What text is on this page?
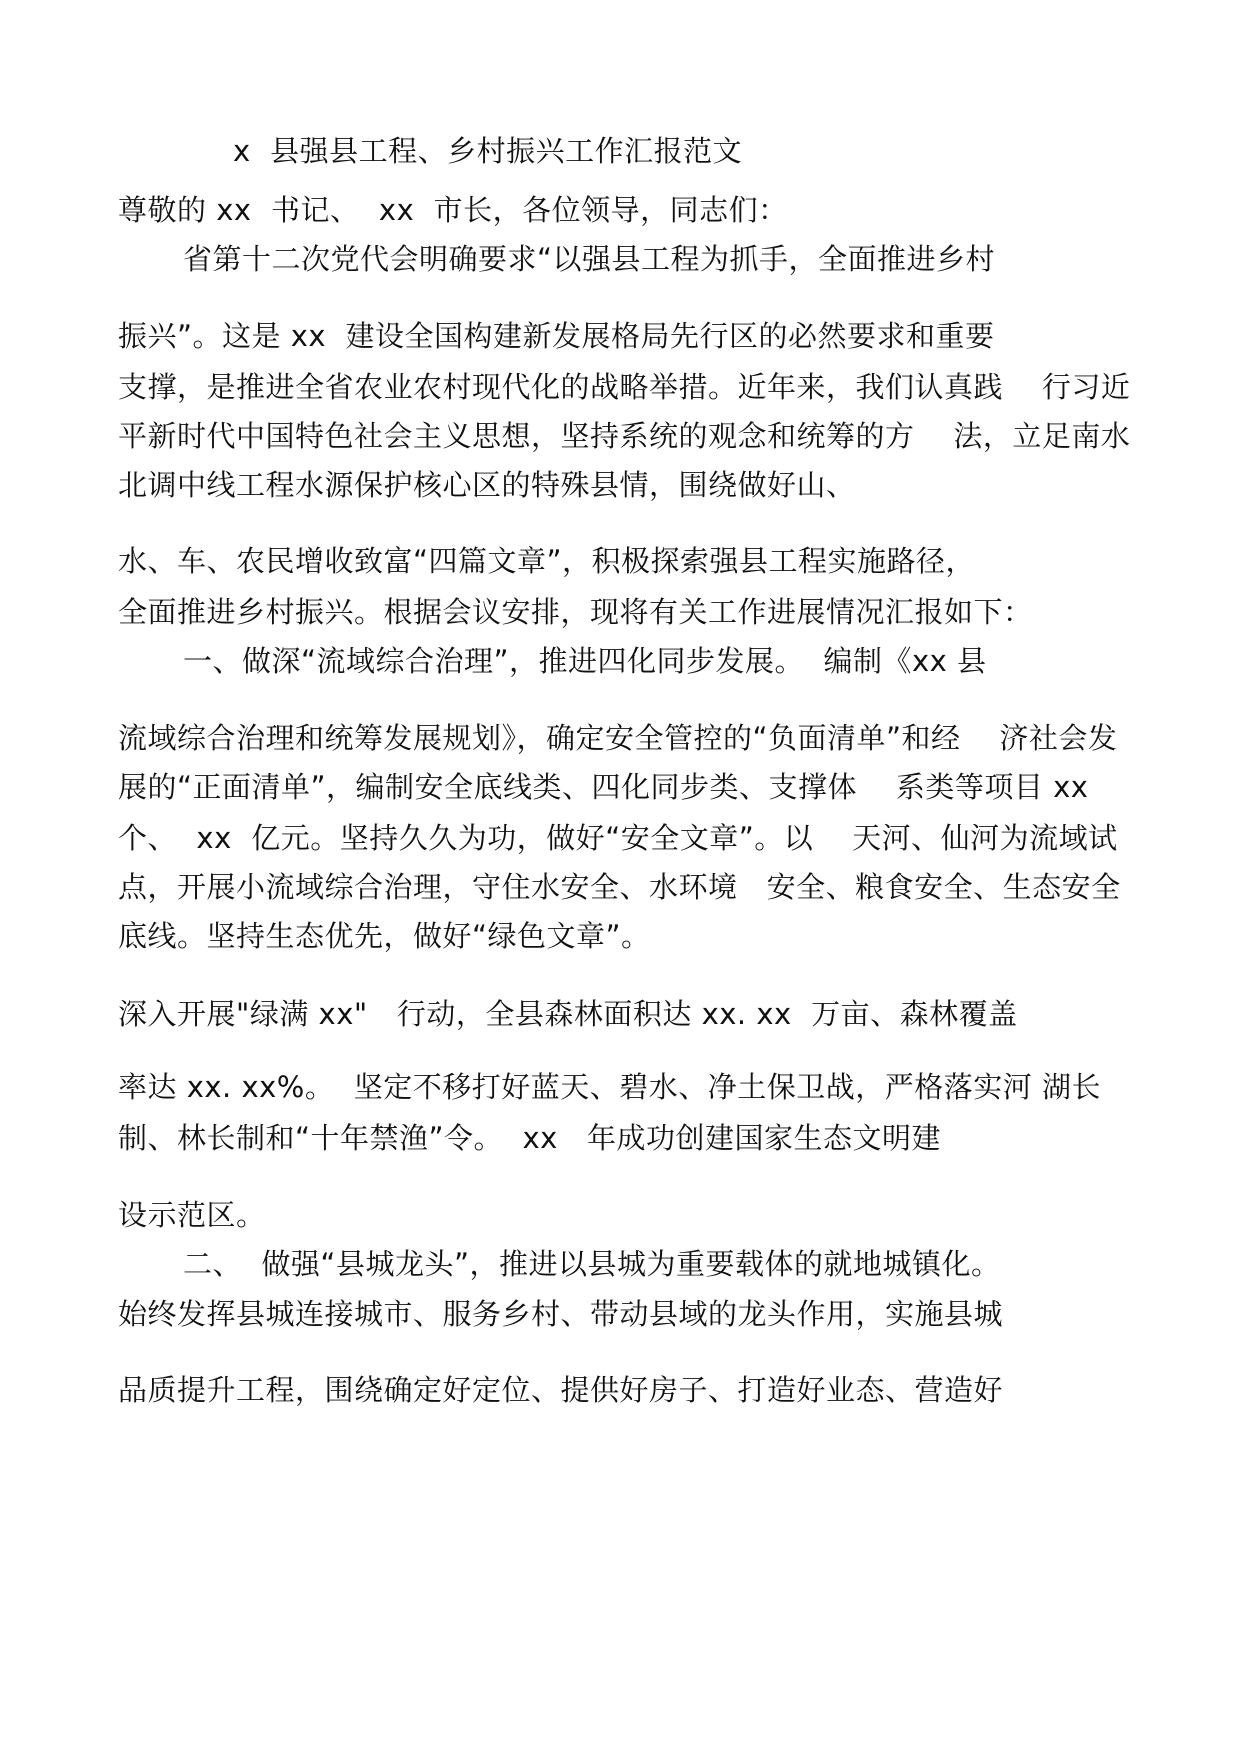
x  县强县工程、乡村振兴工作汇报范文
尊敬的 xx  书记、  xx  市长，各位领导，同志们：
省第十二次党代会明确要求“以强县工程为抓手，全面推进乡村
振兴”。这是 xx  建设全国构建新发展格局先行区的必然要求和重要
支撑，是推进全省农业农村现代化的战略举措。近年来，我们认真践    行习近
平新时代中国特色社会主义思想，坚持系统的观念和统筹的方    法，立足南水
北调中线工程水源保护核心区的特殊县情，围绕做好山、
水、车、农民增收致富“四篇文章”，积极探索强县工程实施路径，
全面推进乡村振兴。根据会议安排，现将有关工作进展情况汇报如下：
一、做深“流域综合治理”，推进四化同步发展。  编制《xx 县
流域综合治理和统筹发展规划》，确定安全管控的“负面清单”和经    济社会发
展的“正面清单”，编制安全底线类、四化同步类、支撑体    系类等项目 xx
个、  xx  亿元。坚持久久为功，做好“安全文章”。以    天河、仙河为流域试
点，开展小流域综合治理，守住水安全、水环境   安全、粮食安全、生态安全
底线。坚持生态优先，做好“绿色文章”。
深入开展"绿满 xx"   行动，全县森林面积达 xx. xx  万亩、森林覆盖
率达 xx. xx%。  坚定不移打好蓝天、碧水、净土保卫战，严格落实河 湖长
制、林长制和“十年禁渔”令。  xx   年成功创建国家生态文明建
设示范区。
二、  做强“县城龙头”，推进以县城为重要载体的就地城镇化。
始终发挥县城连接城市、服务乡村、带动县域的龙头作用，实施县城
品质提升工程，围绕确定好定位、提供好房子、打造好业态、营造好
